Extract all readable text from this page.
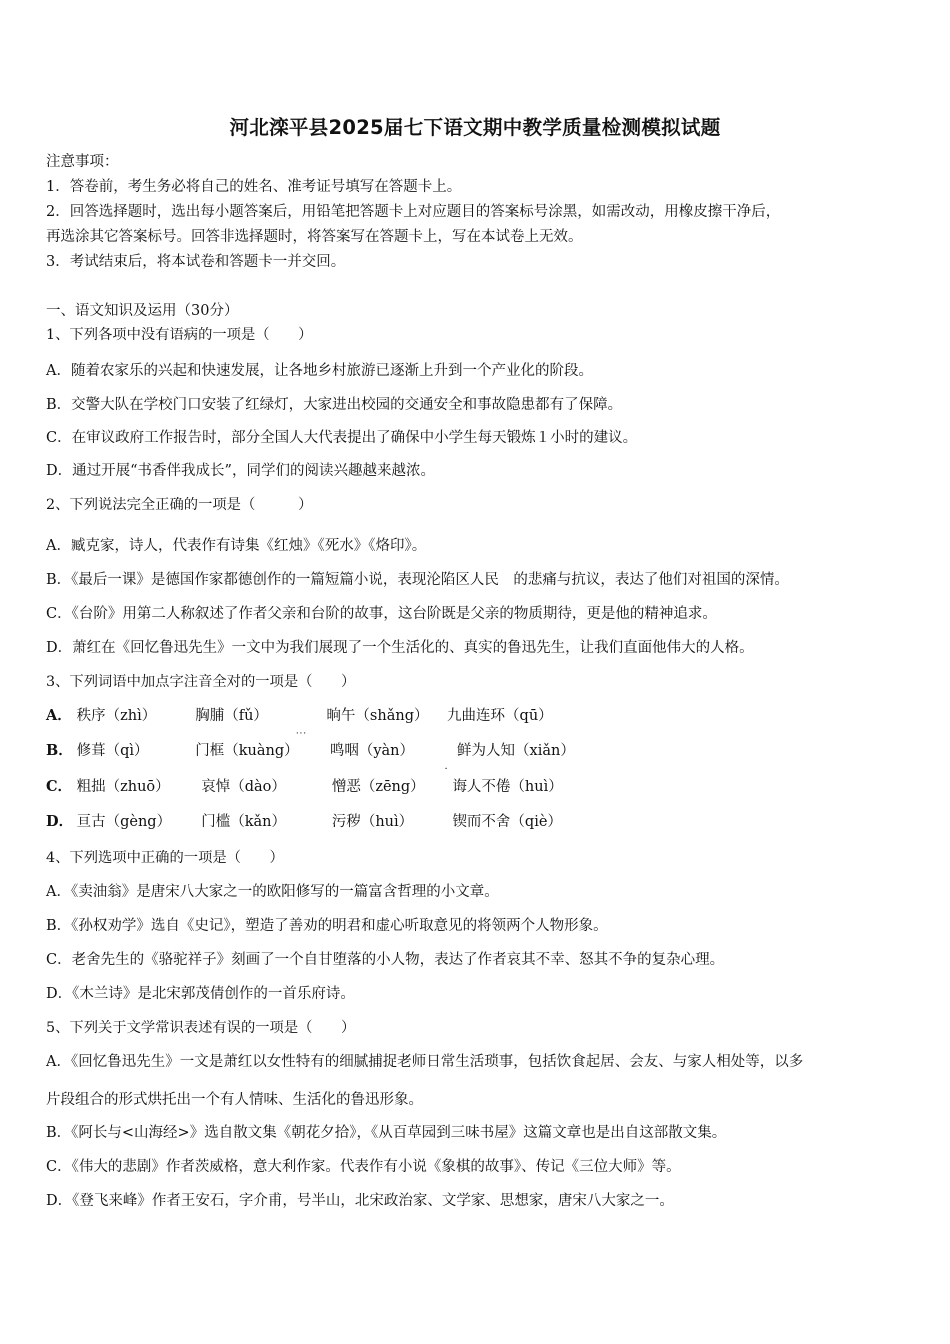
河北滦平县2025届七下语文期中教学质量检测模拟试题
注意事项：
1．答卷前，考生务必将自己的姓名、准考证号填写在答题卡上。
2．回答选择题时，选出每小题答案后，用铅笔把答题卡上对应题目的答案标号涂黑，如需改动，用橡皮擦干净后，
再选涂其它答案标号。回答非选择题时，将答案写在答题卡上，写在本试卷上无效。
3．考试结束后，将本试卷和答题卡一并交回。
一、语文知识及运用（30分）
1、下列各项中没有语病的一项是（　　）
A．随着农家乐的兴起和快速发展，让各地乡村旅游已逐渐上升到一个产业化的阶段。
B．交警大队在学校门口安装了红绿灯，大家进出校园的交通安全和事故隐患都有了保障。
C．在审议政府工作报告时，部分全国人大代表提出了确保中小学生每天锻炼１小时的建议。
D．通过开展“书香伴我成长”，同学们的阅读兴趣越来越浓。
2、下列说法完全正确的一项是（　　　）
A．臧克家，诗人，代表作有诗集《红烛》《死水》《烙印》。
B．《最后一课》是德国作家都德创作的一篇短篇小说，表现沦陷区人民　的悲痛与抗议，表达了他们对祖国的深情。
C．《台阶》用第二人称叙述了作者父亲和台阶的故事，这台阶既是父亲的物质期待，更是他的精神追求。
D．萧红在《回忆鲁迅先生》一文中为我们展现了一个生活化的、真实的鲁迅先生，让我们直面他伟大的人格。
3、下列词语中加点字注音全对的一项是（　　）
A． 秩序（zhì）	胸脯（fǔ）	晌午（shǎng） 九曲连环（qū）
B． 修葺（qì）	门框（kuàng） 鸣咽（yàn）	鲜为人知（xiǎn）
C． 粗拙（zhuō） 哀悼（dào）	憎恶（zēng） 诲人不倦（huì）
D． 亘古（gèng） 门槛（kǎn）	污秽（huì）	锲而不舍（qiè）
4、下列选项中正确的一项是（　　）
A．《卖油翁》是唐宋八大家之一的欧阳修写的一篇富含哲理的小文章。
B．《孙权劝学》选自《史记》，塑造了善劝的明君和虚心听取意见的将领两个人物形象。
C．老舍先生的《骆驼祥子》刻画了一个自甘堕落的小人物，表达了作者哀其不幸、怒其不争的复杂心理。
D．《木兰诗》是北宋郭茂倩创作的一首乐府诗。
5、下列关于文学常识表述有误的一项是（　　）
A．《回忆鲁迅先生》一文是萧红以女性特有的细腻捕捉老师日常生活琐事，包括饮食起居、会友、与家人相处等，以多
片段组合的形式烘托出一个有人情味、生活化的鲁迅形象。
B．《阿长与<山海经>》选自散文集《朝花夕拾》，《从百草园到三味书屋》这篇文章也是出自这部散文集。
C．《伟大的悲剧》作者茨威格，意大利作家。代表作有小说《象棋的故事》、传记《三位大师》等。
D．《登飞来峰》作者王安石，字介甫，号半山，北宋政治家、文学家、思想家，唐宋八大家之一。
